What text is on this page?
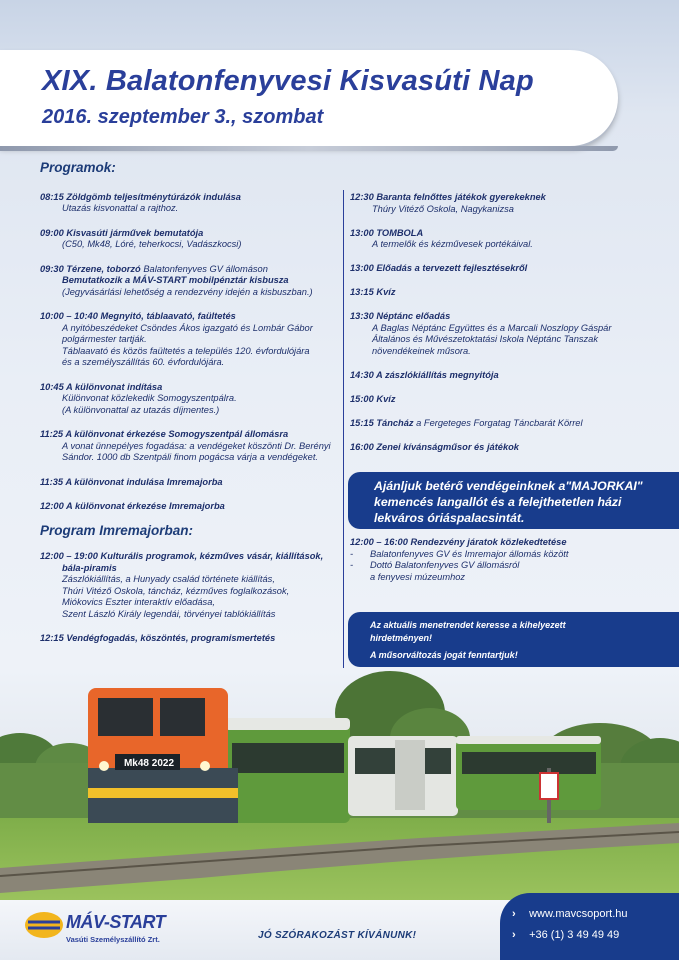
XIX. Balatonfenyvesi Kisvasúti Nap
2016. szeptember 3., szombat
Programok:
08:15 Zöldgömb teljesítménytúrázók indulása
Utazás kisvonattal a rajthoz.
09:00 Kisvasúti járművek bemutatója
(C50, Mk48, Lóré, teherkocsi, Vadászkocsi)
09:30 Térzene, toborzó Balatonfenyves GV állomáson
Bemutatkozik a MÁV-START mobilpénztár kisbusza
(Jegyvásárlási lehetőség a rendezvény idején a kisbuszban.)
10:00 – 10:40 Megnyitó, táblaavató, faültetés
A nyitóbeszédeket Csöndes Ákos igazgató és Lombár Gábor
polgármester tartják.
Táblaavató és közös faültetés a település 120. évfordulójára
és a személyszállítás 60. évfordulójára.
10:45 A különvonat indítása
Különvonat közlekedik Somogyszentpálra.
(A különvonattal az utazás díjmentes.)
11:25 A különvonat érkezése Somogyszentpál állomásra
A vonat ünnepélyes fogadása: a vendégeket köszönti Dr. Berényi
Sándor. 1000 db Szentpáli finom pogácsa várja a vendégeket.
11:35 A különvonat indulása Imremajorba
12:00 A különvonat érkezése Imremajorba
Program Imremajorban:
12:00 – 19:00 Kulturális programok, kézműves vásár, kiállítások,
bála-piramis
Zászlókiállítás, a Hunyady család története kiállítás,
Thúri Vitéző Oskola, táncház, kézműves foglalkozások,
Miókovics Eszter interaktív előadása,
Szent László Király legendái, törvényei tablókiállítás
12:15 Vendégfogadás, köszöntés, programismertetés
12:30 Baranta felnőttes játékok gyerekeknek
Thúry Vitéző Oskola, Nagykanizsa
13:00 TOMBOLA
A termelők és kézművesek portékáival.
13:00 Előadás a tervezett fejlesztésekről
13:15 Kvíz
13:30 Néptánc előadás
A Baglas Néptánc Együttes és a Marcali Noszlopy Gáspár
Általános és Művészetoktatási Iskola Néptánc Tanszak
növendékeinek műsora.
14:30 A zászlókiállítás megnyitója
15:00 Kvíz
15:15 Táncház a Fergeteges Forgatag Táncbarát Körrel
16:00 Zenei kívánságműsor és játékok
Ajánljuk betérő vendégeinknek a"MAJORKAI"
kemencés langallót és a felejthetetlen házi
lekváros óriáspalacsintát.
12:00 – 16:00 Rendezvény járatok közlekedtetése
- Balatonfenyves GV és Imremajor állomás között
- Dottó Balatonfenyves GV állomásról
a fenyvesi múzeumhoz
Az aktuális menetrendet keresse a kihelyezett
hirdetményen!
A műsorváltozás jogát fenntartjuk!
Mk48 2022
MÁV-START
Vasúti Személyszállító Zrt.	JÓ SZÓRAKOZÁST KÍVÁNUNK!
› www.mavcsoport.hu
› +36 (1) 3 49 49 49
